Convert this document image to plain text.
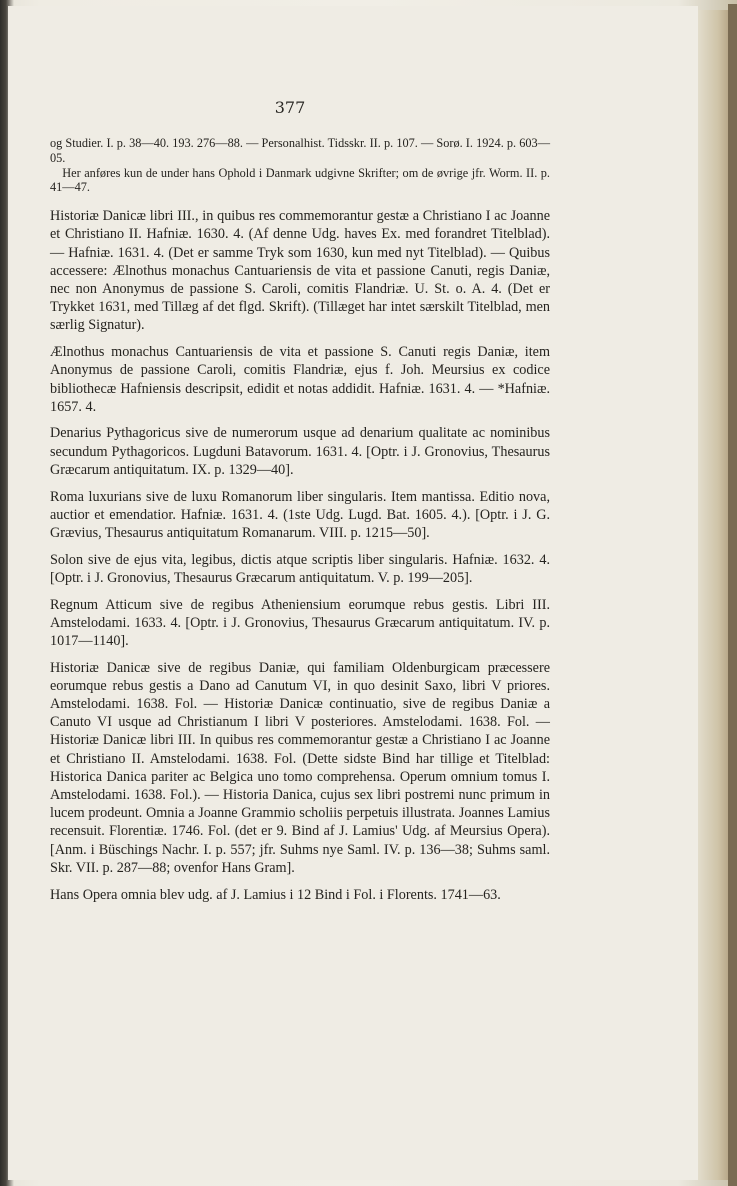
377

og Studier. I. p. 38—40. 193. 276—88. — Personalhist. Tidsskr. II. p. 107. — Sorø. I. 1924. p. 603—05.

Her anføres kun de under hans Ophold i Danmark udgivne Skrifter; om de øvrige jfr. Worm. II. p. 41—47.

Historiæ Danicæ libri III., in quibus res commemorantur gestæ a Christiano I ac Joanne et Christiano II. Hafniæ. 1630. 4. (Af denne Udg. haves Ex. med forandret Titelblad). — Hafniæ. 1631. 4. (Det er samme Tryk som 1630, kun med nyt Titelblad). — Quibus accessere: Ælnothus monachus Cantuariensis de vita et passione Canuti, regis Daniæ, nec non Anonymus de passione S. Caroli, comitis Flandriæ. U. St. o. A. 4. (Det er Trykket 1631, med Tillæg af det flgd. Skrift). (Tillæget har intet særskilt Titelblad, men særlig Signatur).

Ælnothus monachus Cantuariensis de vita et passione S. Canuti regis Daniæ, item Anonymus de passione Caroli, comitis Flandriæ, ejus f. Joh. Meursius ex codice bibliothecæ Hafniensis descripsit, edidit et notas addidit. Hafniæ. 1631. 4. — *Hafniæ. 1657. 4.

Denarius Pythagoricus sive de numerorum usque ad denarium qualitate ac nominibus secundum Pythagoricos. Lugduni Batavorum. 1631. 4. [Optr. i J. Gronovius, Thesaurus Græcarum antiquitatum. IX. p. 1329—40].

Roma luxurians sive de luxu Romanorum liber singularis. Item mantissa. Editio nova, auctior et emendatior. Hafniæ. 1631. 4. (1ste Udg. Lugd. Bat. 1605. 4.). [Optr. i J. G. Grævius, Thesaurus antiquitatum Romanarum. VIII. p. 1215—50].

Solon sive de ejus vita, legibus, dictis atque scriptis liber singularis. Hafniæ. 1632. 4. [Optr. i J. Gronovius, Thesaurus Græcarum antiquitatum. V. p. 199—205].

Regnum Atticum sive de regibus Atheniensium eorumque rebus gestis. Libri III. Amstelodami. 1633. 4. [Optr. i J. Gronovius, Thesaurus Græcarum antiquitatum. IV. p. 1017—1140].

Historiæ Danicæ sive de regibus Daniæ, qui familiam Oldenburgicam præcessere eorumque rebus gestis a Dano ad Canutum VI, in quo desinit Saxo, libri V priores. Amstelodami. 1638. Fol. — Historiæ Danicæ continuatio, sive de regibus Daniæ a Canuto VI usque ad Christianum I libri V posteriores. Amstelodami. 1638. Fol. — Historiæ Danicæ libri III. In quibus res commemorantur gestæ a Christiano I ac Joanne et Christiano II. Amstelodami. 1638. Fol. (Dette sidste Bind har tillige et Titelblad: Historica Danica pariter ac Belgica uno tomo comprehensa. Operum omnium tomus I. Amstelodami. 1638. Fol.). — Historia Danica, cujus sex libri postremi nunc primum in lucem prodeunt. Omnia a Joanne Grammio scholiis perpetuis illustrata. Joannes Lamius recensuit. Florentiæ. 1746. Fol. (det er 9. Bind af J. Lamius' Udg. af Meursius Opera). [Anm. i Büschings Nachr. I. p. 557; jfr. Suhms nye Saml. IV. p. 136—38; Suhms saml. Skr. VII. p. 287—88; ovenfor Hans Gram].

Hans Opera omnia blev udg. af J. Lamius i 12 Bind i Fol. i Florents. 1741—63.
